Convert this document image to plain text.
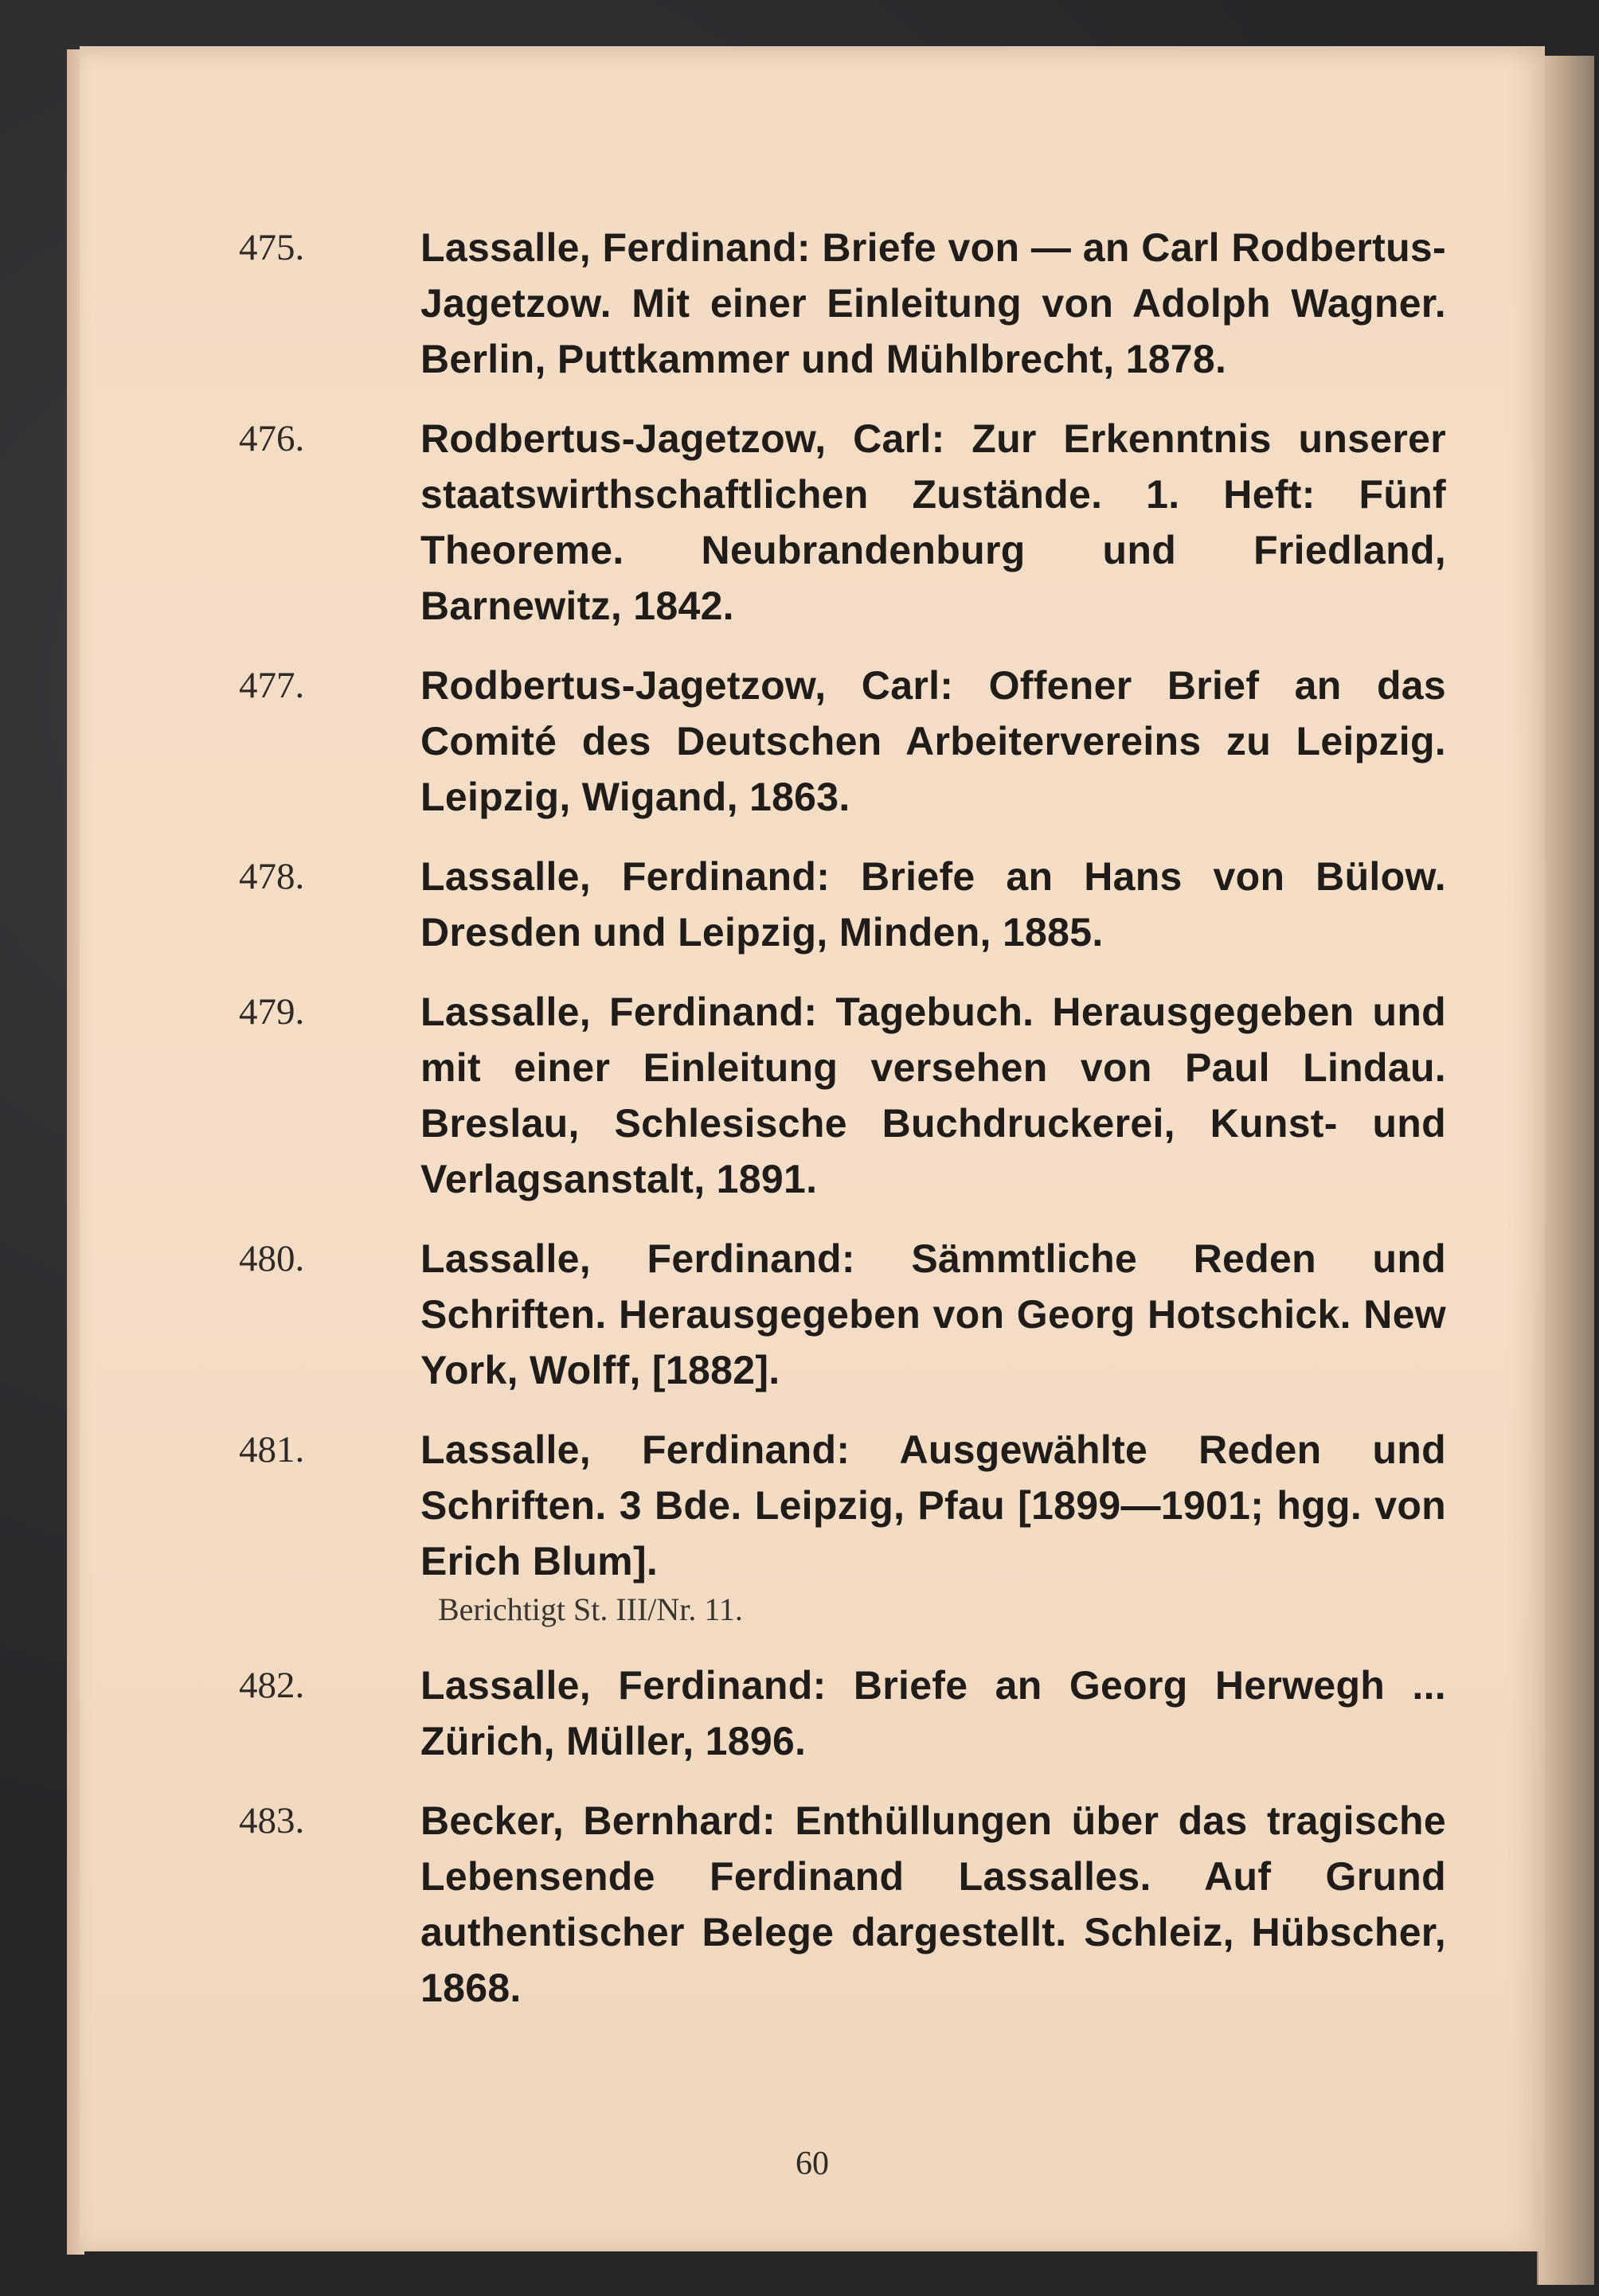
475.	Lassalle, Ferdinand: Briefe von — an Carl Rodbertus-Jagetzow. Mit einer Einleitung von Adolph Wagner. Berlin, Puttkammer und Mühlbrecht, 1878.

476.	Rodbertus-Jagetzow, Carl: Zur Erkenntnis unserer staatswirthschaftlichen Zustände. 1. Heft: Fünf Theoreme. Neubrandenburg und Friedland, Barnewitz, 1842.

477.	Rodbertus-Jagetzow, Carl: Offener Brief an das Comité des Deutschen Arbeitervereins zu Leipzig. Leipzig, Wigand, 1863.

478.	Lassalle, Ferdinand: Briefe an Hans von Bülow. Dresden und Leipzig, Minden, 1885.

479.	Lassalle, Ferdinand: Tagebuch. Herausgegeben und mit einer Einleitung versehen von Paul Lindau. Breslau, Schlesische Buchdruckerei, Kunst- und Verlagsanstalt, 1891.

480.	Lassalle, Ferdinand: Sämmtliche Reden und Schriften. Herausgegeben von Georg Hotschick. New York, Wolff, [1882].

481.	Lassalle, Ferdinand: Ausgewählte Reden und Schriften. 3 Bde. Leipzig, Pfau [1899—1901; hgg. von Erich Blum].

Berichtigt St. III/Nr. 11.
482.	Lassalle, Ferdinand: Briefe an Georg Herwegh ... Zürich, Müller, 1896.

483.	Becker, Bernhard: Enthüllungen über das tragische Lebensende Ferdinand Lassalles. Auf Grund authentischer Belege dargestellt. Schleiz, Hübscher, 1868.

60
